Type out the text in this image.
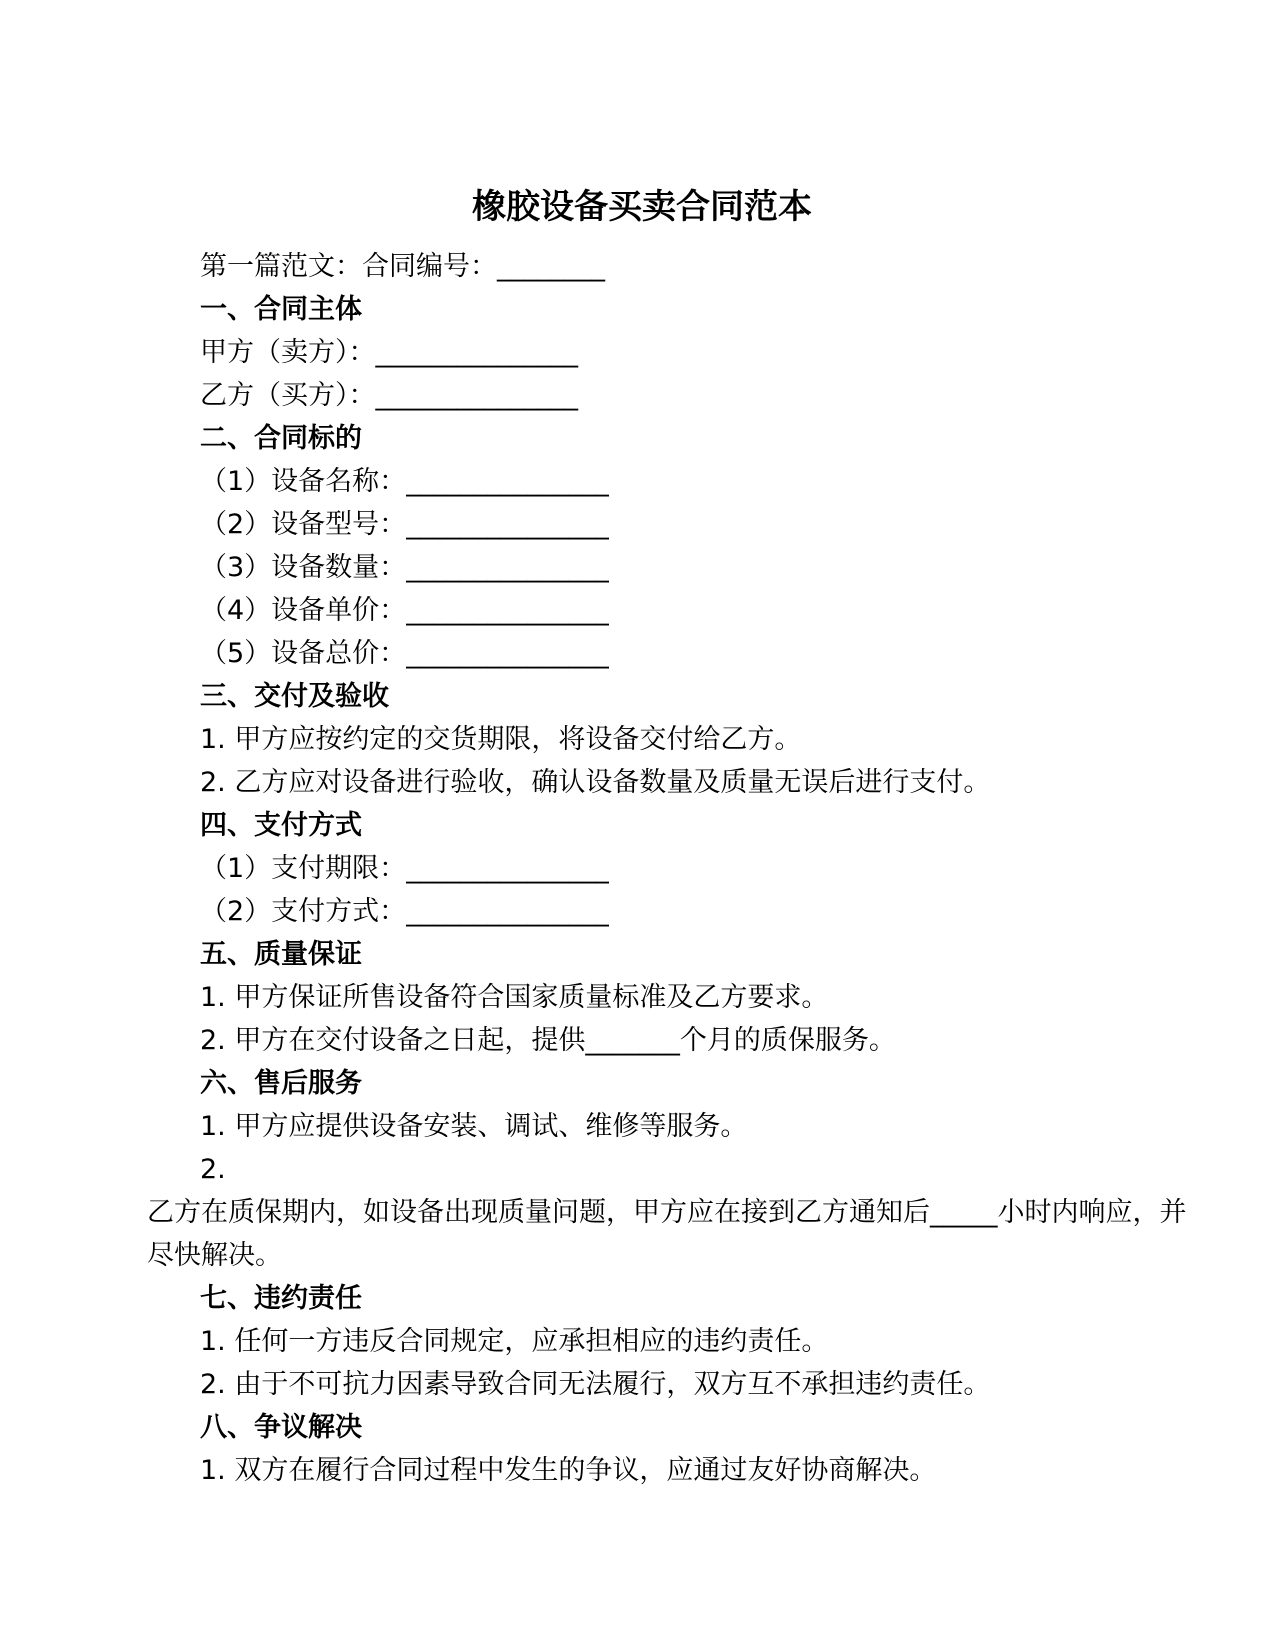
橡胶设备买卖合同范本
第一篇范文：合同编号：________
一、合同主体
甲方（卖方）：_______________
乙方（买方）：_______________
二、合同标的
（1）设备名称：_______________
（2）设备型号：_______________
（3）设备数量：_______________
（4）设备单价：_______________
（5）设备总价：_______________
三、交付及验收
1. 甲方应按约定的交货期限，将设备交付给乙方。
2. 乙方应对设备进行验收，确认设备数量及质量无误后进行支付。
四、支付方式
（1）支付期限：_______________
（2）支付方式：_______________
五、质量保证
1. 甲方保证所售设备符合国家质量标准及乙方要求。
2. 甲方在交付设备之日起，提供_______个月的质保服务。
六、售后服务
1. 甲方应提供设备安装、调试、维修等服务。
2.
乙方在质保期内，如设备出现质量问题，甲方应在接到乙方通知后_____小时内响应，并
尽快解决。
七、违约责任
1. 任何一方违反合同规定，应承担相应的违约责任。
2. 由于不可抗力因素导致合同无法履行，双方互不承担违约责任。
八、争议解决
1. 双方在履行合同过程中发生的争议，应通过友好协商解决。
